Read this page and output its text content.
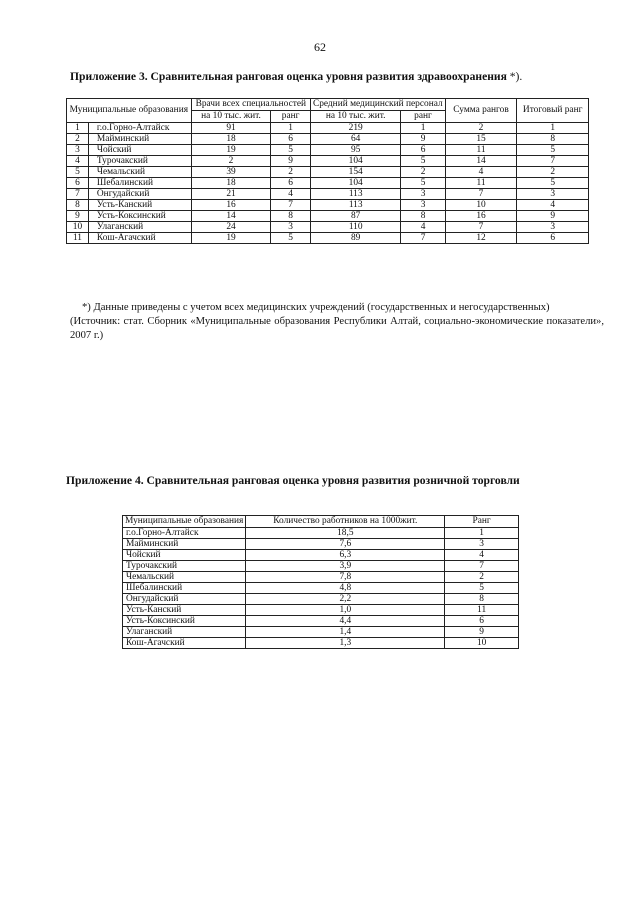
62
Приложение 3. Сравнительная ранговая оценка уровня развития здравоохранения *).
Муниципальные образования		Врачи всех специальностей		Средний медицинский персонал		Сумма рангов	Итоговый ранг
		на 10 тыс. жит.	ранг	на 10 тыс. жит.	ранг		
1	г.о.Горно-Алтайск	91	1	219	1	2	1
2	Майминский	18	6	64	9	15	8
3	Чойский	19	5	95	6	11	5
4	Турочакский	2	9	104	5	14	7
5	Чемальский	39	2	154	2	4	2
6	Шебалинский	18	6	104	5	11	5
7	Онгудайский	21	4	113	3	7	3
8	Усть-Канский	16	7	113	3	10	4
9	Усть-Коксинский	14	8	87	8	16	9
10	Улаганский	24	3	110	4	7	3
11	Кош-Агачский	19	5	89	7	12	6
*) Данные приведены с учетом всех медицинских учреждений (государственных и негосударственных)
(Источник: стат. Сборник «Муниципальные образования Республики Алтай, социально-экономические показатели», 2007 г.)
Приложение 4. Сравнительная ранговая оценка уровня развития розничной торговли
Муниципальные образования	Количество работников на 1000жит.	Ранг
г.о.Горно-Алтайск	18,5	1
Майминский	7,6	3
Чойский	6,3	4
Турочакский	3,9	7
Чемальский	7,8	2
Шебалинский	4,8	5
Онгудайский	2,2	8
Усть-Канский	1,0	11
Усть-Коксинский	4,4	6
Улаганский	1,4	9
Кош-Агачский	1,3	10
